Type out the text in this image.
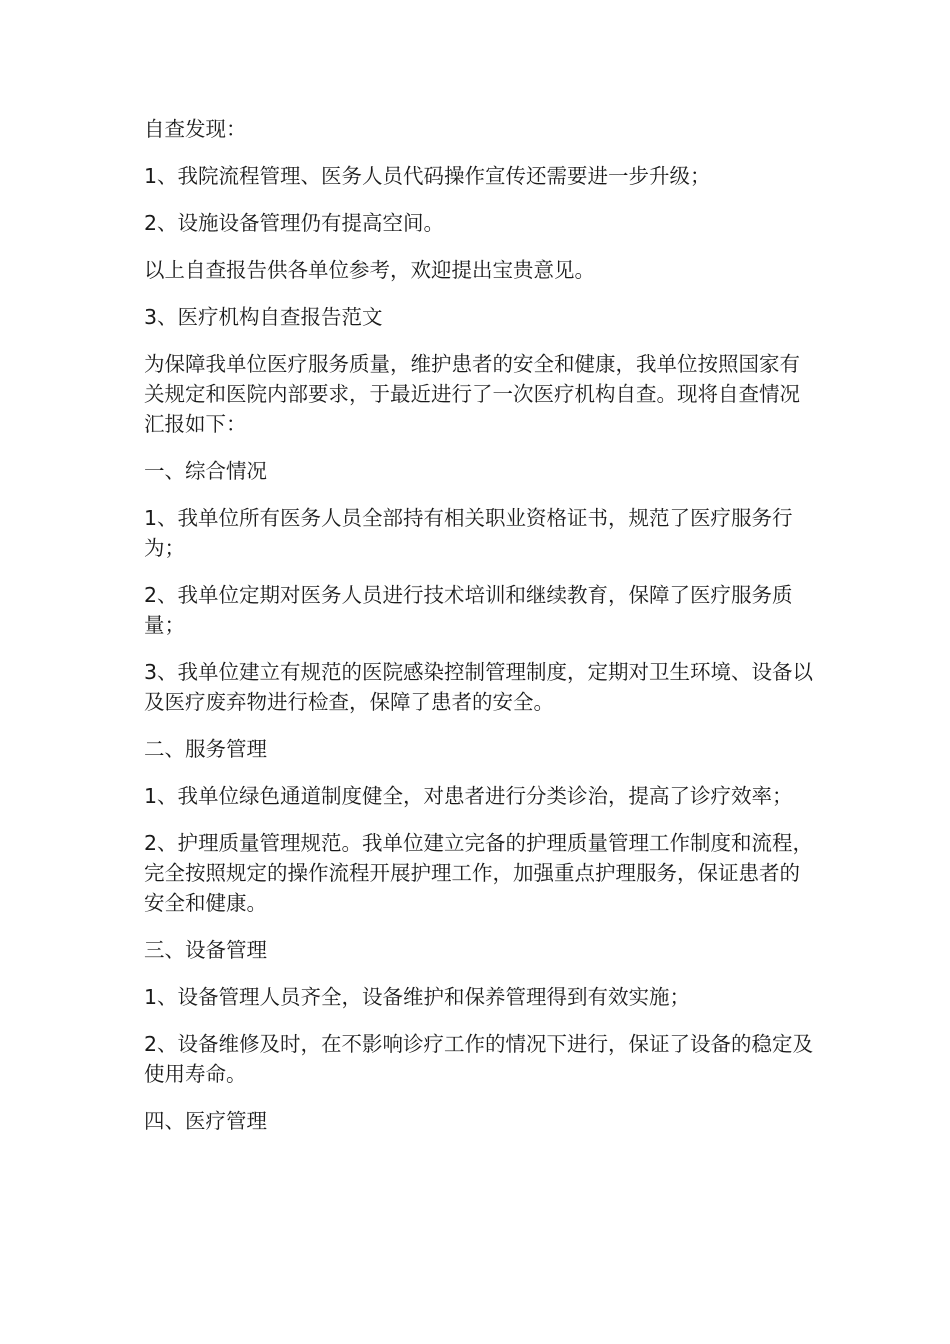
自查发现：

1、我院流程管理、医务人员代码操作宣传还需要进一步升级；

2、设施设备管理仍有提高空间。

以上自查报告供各单位参考，欢迎提出宝贵意见。

3、医疗机构自查报告范文

为保障我单位医疗服务质量，维护患者的安全和健康，我单位按照国家有关规定和医院内部要求，于最近进行了一次医疗机构自查。现将自查情况汇报如下：

一、综合情况

1、我单位所有医务人员全部持有相关职业资格证书，规范了医疗服务行为；

2、我单位定期对医务人员进行技术培训和继续教育，保障了医疗服务质量；

3、我单位建立有规范的医院感染控制管理制度，定期对卫生环境、设备以及医疗废弃物进行检查，保障了患者的安全。

二、服务管理

1、我单位绿色通道制度健全，对患者进行分类诊治，提高了诊疗效率；

2、护理质量管理规范。我单位建立完备的护理质量管理工作制度和流程，完全按照规定的操作流程开展护理工作，加强重点护理服务，保证患者的安全和健康。

三、设备管理

1、设备管理人员齐全，设备维护和保养管理得到有效实施；

2、设备维修及时，在不影响诊疗工作的情况下进行，保证了设备的稳定及使用寿命。

四、医疗管理
